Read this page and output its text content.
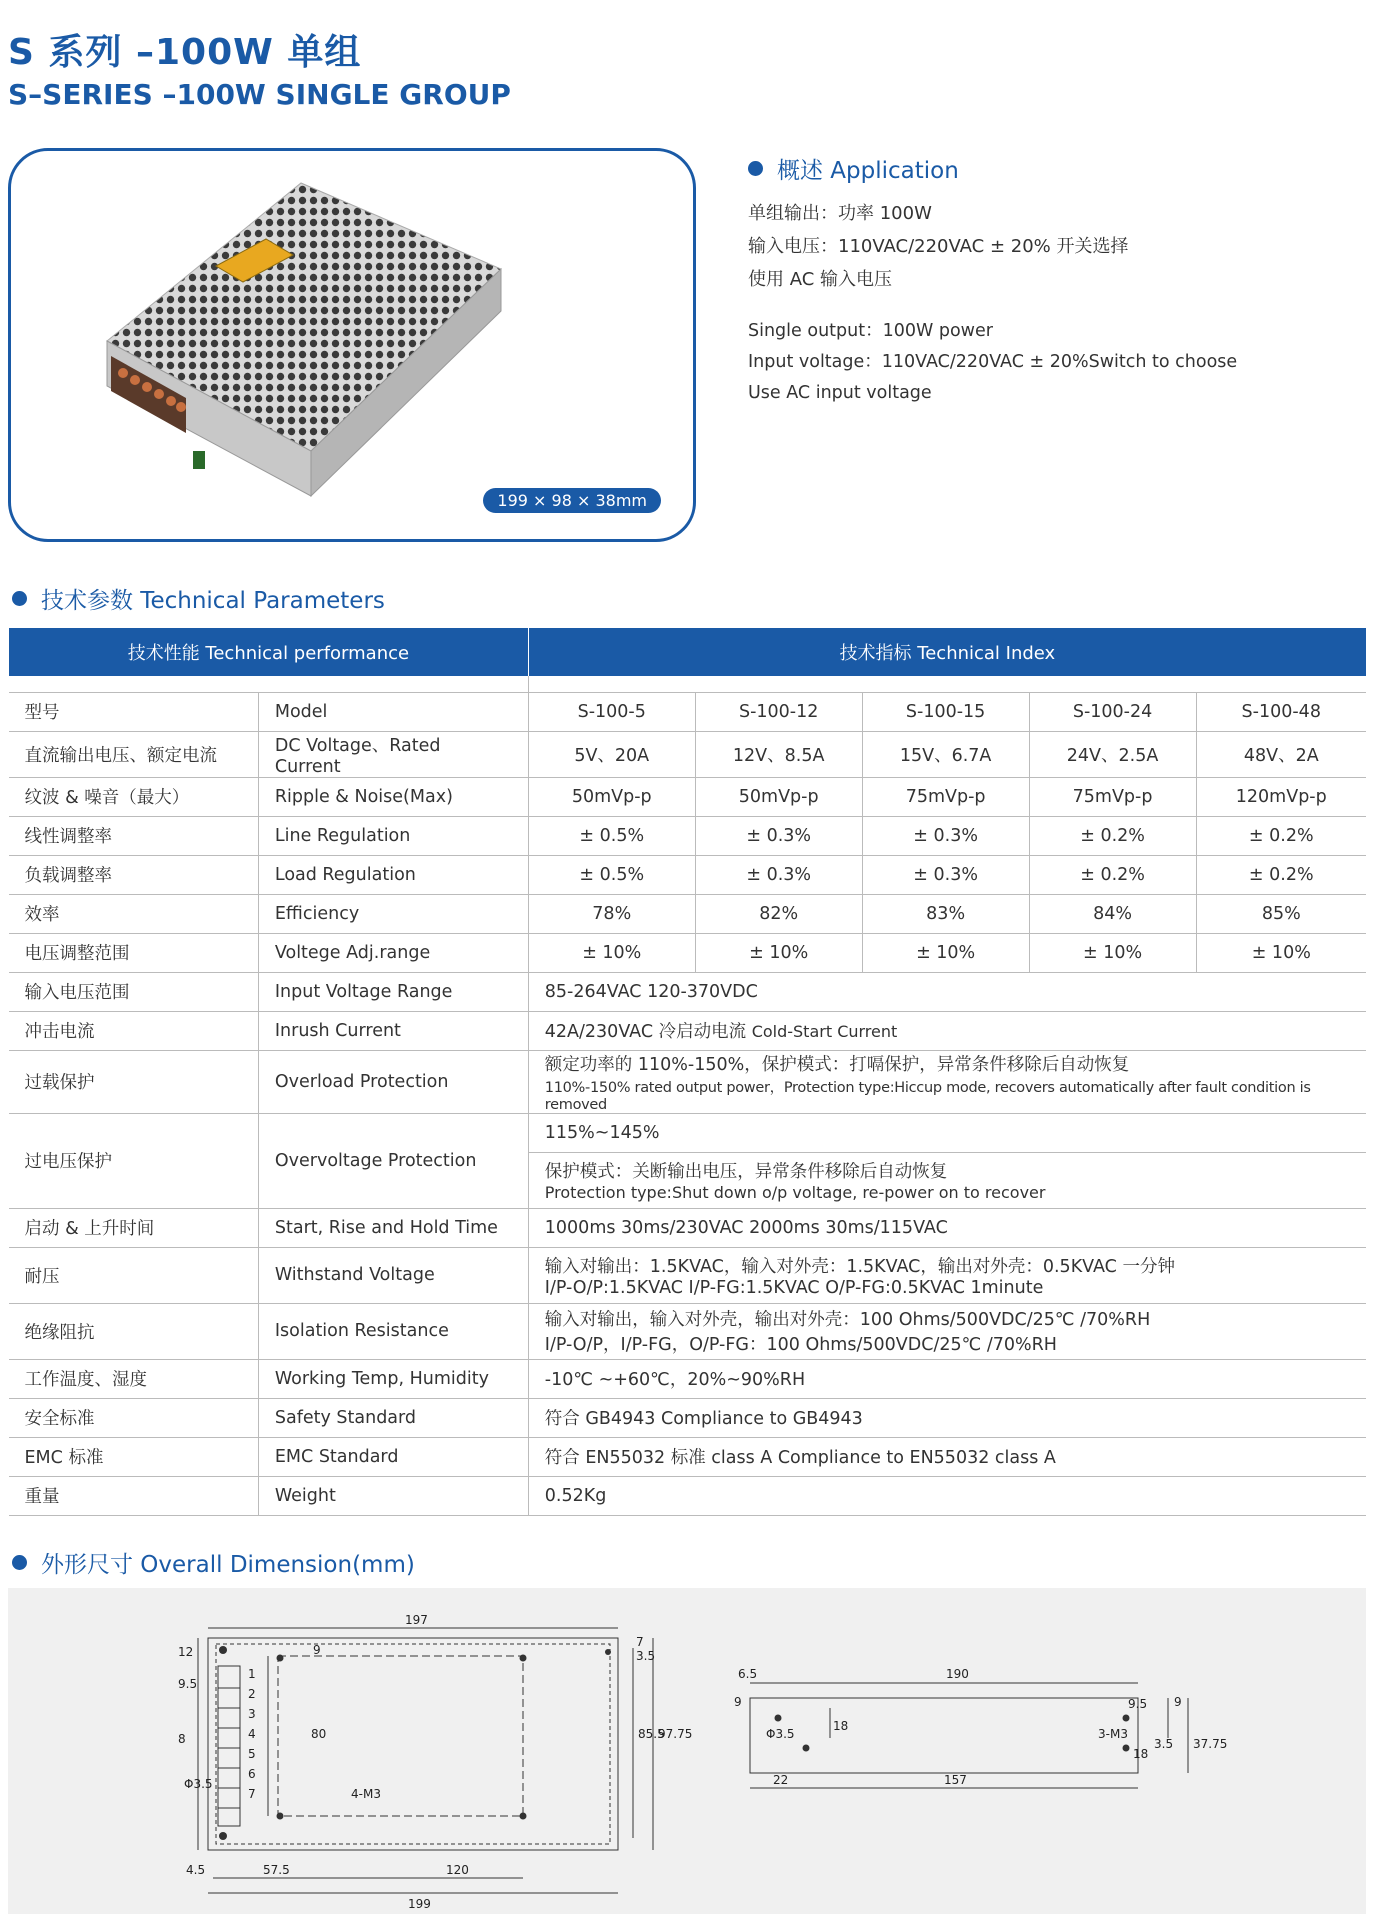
S 系列 –100W 单组
S–SERIES –100W SINGLE GROUP
199 × 98 × 38mm
概述 Application
单组输出：功率 100W
输入电压：110VAC/220VAC ± 20% 开关选择
使用 AC 输入电压
Single output：100W power
Input voltage：110VAC/220VAC ± 20%Switch to choose
Use AC input voltage
技术参数 Technical Parameters
技术性能 Technical performance		技术指标 Technical Index				

型号	Model	S-100-5	S-100-12	S-100-15	S-100-24	S-100-48
直流输出电压、额定电流	DC Voltage、Rated Current	5V、20A	12V、8.5A	15V、6.7A	24V、2.5A	48V、2A
纹波 & 噪音（最大）	Ripple & Noise(Max)	50mVp-p	50mVp-p	75mVp-p	75mVp-p	120mVp-p
线性调整率	Line Regulation	± 0.5%	± 0.3%	± 0.3%	± 0.2%	± 0.2%
负载调整率	Load Regulation	± 0.5%	± 0.3%	± 0.3%	± 0.2%	± 0.2%
效率	Efficiency	78%	82%	83%	84%	85%
电压调整范围	Voltege Adj.range	± 10%	± 10%	± 10%	± 10%	± 10%
输入电压范围	Input Voltage Range	85-264VAC 120-370VDC				
冲击电流	Inrush Current	42A/230VAC 冷启动电流 Cold-Start Current				
过载保护	Overload Protection	额定功率的 110%-150%，保护模式：打嗝保护，异常条件移除后自动恢复
110%-150% rated output power，Protection type:Hiccup mode, recovers automatically after fault condition is removed				

过电压保护	Overvoltage Protection	115%~145%				

		保护模式：关断输出电压，异常条件移除后自动恢复
Protection type:Shut down o/p voltage, re-power on to recover				

启动 & 上升时间	Start, Rise and Hold Time	1000ms 30ms/230VAC 2000ms 30ms/115VAC				
耐压	Withstand Voltage	输入对输出：1.5KVAC，输入对外壳：1.5KVAC，输出对外壳：0.5KVAC 一分钟
I/P-O/P:1.5KVAC I/P-FG:1.5KVAC O/P-FG:0.5KVAC 1minute				

绝缘阻抗	Isolation Resistance	输入对输出，输入对外壳，输出对外壳：100 Ohms/500VDC/25℃ /70%RH
I/P-O/P，I/P-FG，O/P-FG：100 Ohms/500VDC/25℃ /70%RH				

工作温度、湿度	Working Temp, Humidity	-10℃ ~+60℃，20%~90%RH				
安全标准	Safety Standard	符合 GB4943 Compliance to GB4943				
EMC 标准	EMC Standard	符合 EN55032 标准 class A Compliance to EN55032 class A				
重量	Weight	0.52Kg				
外形尺寸 Overall Dimension(mm)
197
199
120
57.5
4.5
12	9
9.5
8	80	85.5
97.75
3.5
7
Φ3.5
4-M3
1
2
3
4
5
6
7
6.5	190
22	157
9
18
9.5
18
3.5
9
37.75
Φ3.5	3-M3
